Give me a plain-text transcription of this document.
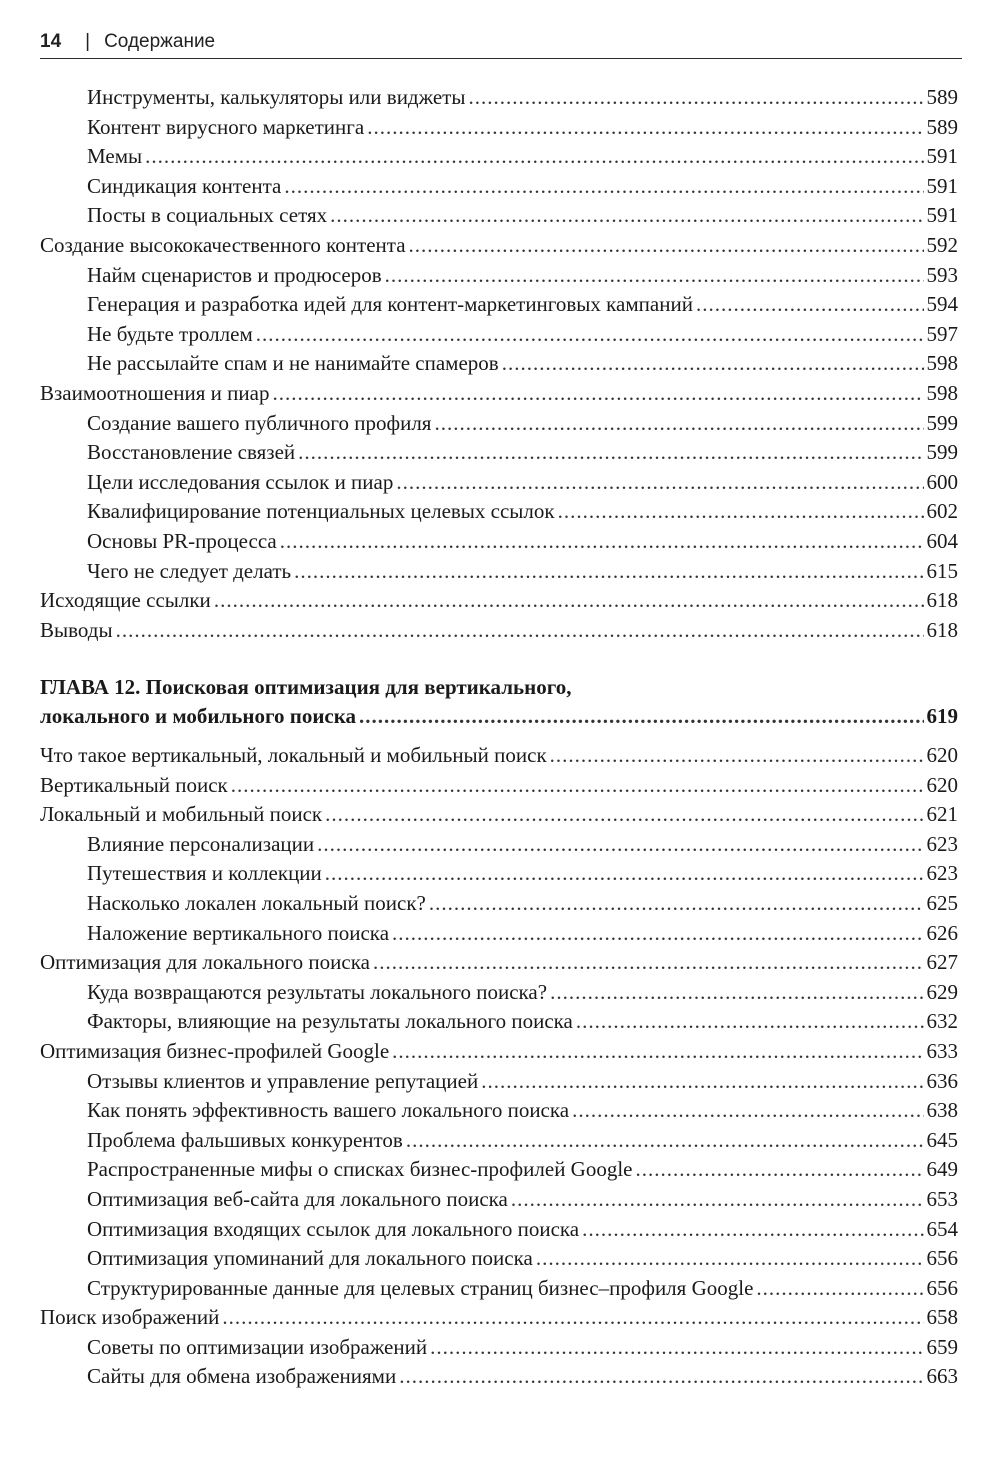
14 | Содержание
Инструменты, калькуляторы или виджеты .....	589
Контент вирусного маркетинга .....	589
Мемы .....	591
Синдикация контента .....	591
Посты в социальных сетях .....	591
Создание высококачественного контента .....	592
Найм сценаристов и продюсеров .....	593
Генерация и разработка идей для контент-маркетинговых кампаний .....	594
Не будьте троллем .....	597
Не рассылайте спам и не нанимайте спамеров .....	598
Взаимоотношения и пиар .....	598
Создание вашего публичного профиля .....	599
Восстановление связей .....	599
Цели исследования ссылок и пиар .....	600
Квалифицирование потенциальных целевых ссылок .....	602
Основы PR-процесса .....	604
Чего не следует делать .....	615
Исходящие ссылки .....	618
Выводы .....	618
ГЛАВА 12. Поисковая оптимизация для вертикального,
локального и мобильного поиска .....	619
Что такое вертикальный, локальный и мобильный поиск .....	620
Вертикальный поиск .....	620
Локальный и мобильный поиск .....	621
Влияние персонализации .....	623
Путешествия и коллекции .....	623
Насколько локален локальный поиск? .....	625
Наложение вертикального поиска .....	626
Оптимизация для локального поиска .....	627
Куда возвращаются результаты локального поиска? .....	629
Факторы, влияющие на результаты локального поиска .....	632
Оптимизация бизнес-профилей Google .....	633
Отзывы клиентов и управление репутацией .....	636
Как понять эффективность вашего локального поиска .....	638
Проблема фальшивых конкурентов .....	645
Распространенные мифы о списках бизнес-профилей Google .....	649
Оптимизация веб-сайта для локального поиска .....	653
Оптимизация входящих ссылок для локального поиска .....	654
Оптимизация упоминаний для локального поиска .....	656
Структурированные данные для целевых страниц бизнес–профиля Google .....	656
Поиск изображений .....	658
Советы по оптимизации изображений .....	659
Сайты для обмена изображениями .....	663
